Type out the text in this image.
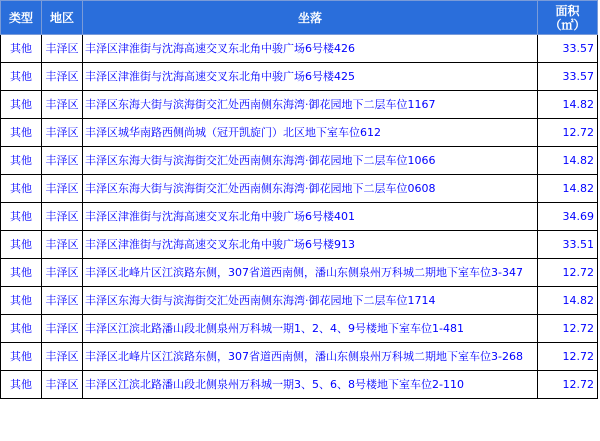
类型	地区	坐落	面积
（㎡）
其他	丰泽区	丰泽区津淮街与沈海高速交叉东北角中骏广场6号楼426	33.57
其他	丰泽区	丰泽区津淮街与沈海高速交叉东北角中骏广场6号楼425	33.57
其他	丰泽区	丰泽区东海大街与滨海街交汇处西南侧东海湾·御花园地下二层车位1167	14.82
其他	丰泽区	丰泽区城华南路西侧尚城（冠开凯旋门）北区地下室车位612	12.72
其他	丰泽区	丰泽区东海大街与滨海街交汇处西南侧东海湾·御花园地下二层车位1066	14.82
其他	丰泽区	丰泽区东海大街与滨海街交汇处西南侧东海湾·御花园地下二层车位0608	14.82
其他	丰泽区	丰泽区津淮街与沈海高速交叉东北角中骏广场6号楼401	34.69
其他	丰泽区	丰泽区津淮街与沈海高速交叉东北角中骏广场6号楼913	33.51
其他	丰泽区	丰泽区北峰片区江滨路东侧，307省道西南侧，潘山东侧泉州万科城二期地下室车位3-347	12.72
其他	丰泽区	丰泽区东海大街与滨海街交汇处西南侧东海湾·御花园地下二层车位1714	14.82
其他	丰泽区	丰泽区江滨北路潘山段北侧泉州万科城一期1、2、4、9号楼地下室车位1-481	12.72
其他	丰泽区	丰泽区北峰片区江滨路东侧，307省道西南侧，潘山东侧泉州万科城二期地下室车位3-268	12.72
其他	丰泽区	丰泽区江滨北路潘山段北侧泉州万科城一期3、5、6、8号楼地下室车位2-110	12.72
